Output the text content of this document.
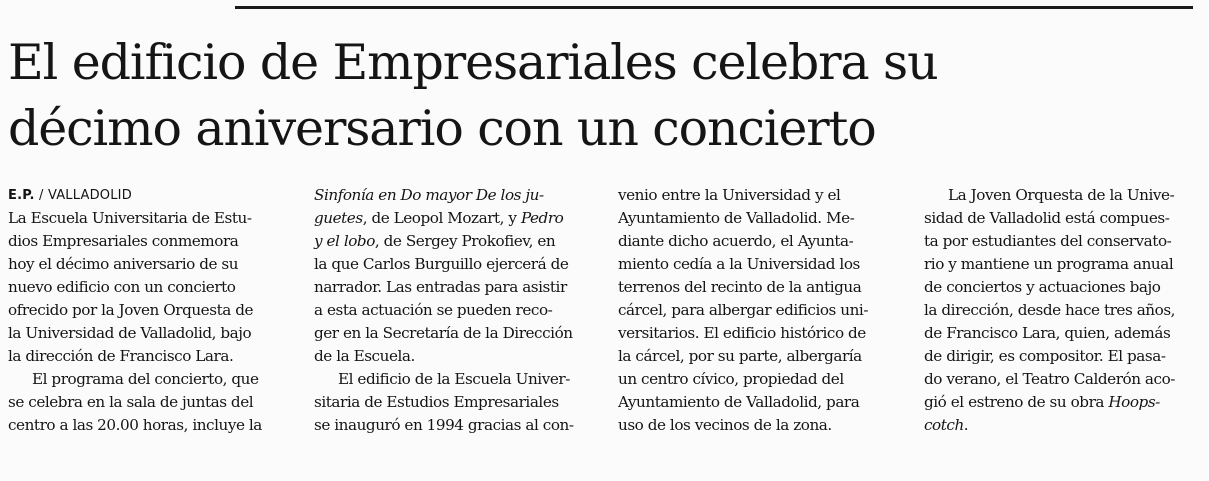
El edificio de Empresariales celebra su
décimo aniversario con un concierto
E.P. / VALLADOLID
La Escuela Universitaria de Estu-
dios Empresariales conmemora
hoy el décimo aniversario de su
nuevo edificio con un concierto
ofrecido por la Joven Orquesta de
la Universidad de Valladolid, bajo
la dirección de Francisco Lara.
El programa del concierto, que
se celebra en la sala de juntas del
centro a las 20.00 horas, incluye la
Sinfonía en Do mayor De los ju-
guetes, de Leopol Mozart, y Pedro
y el lobo, de Sergey Prokofiev, en
la que Carlos Burguillo ejercerá de
narrador. Las entradas para asistir
a esta actuación se pueden reco-
ger en la Secretaría de la Dirección
de la Escuela.
El edificio de la Escuela Univer-
sitaria de Estudios Empresariales
se inauguró en 1994 gracias al con-
venio entre la Universidad y el
Ayuntamiento de Valladolid. Me-
diante dicho acuerdo, el Ayunta-
miento cedía a la Universidad los
terrenos del recinto de la antigua
cárcel, para albergar edificios uni-
versitarios. El edificio histórico de
la cárcel, por su parte, albergaría
un centro cívico, propiedad del
Ayuntamiento de Valladolid, para
uso de los vecinos de la zona.
La Joven Orquesta de la Unive-
sidad de Valladolid está compues-
ta por estudiantes del conservato-
rio y mantiene un programa anual
de conciertos y actuaciones bajo
la dirección, desde hace tres años,
de Francisco Lara, quien, además
de dirigir, es compositor. El pasa-
do verano, el Teatro Calderón aco-
gió el estreno de su obra Hoops-
cotch.
